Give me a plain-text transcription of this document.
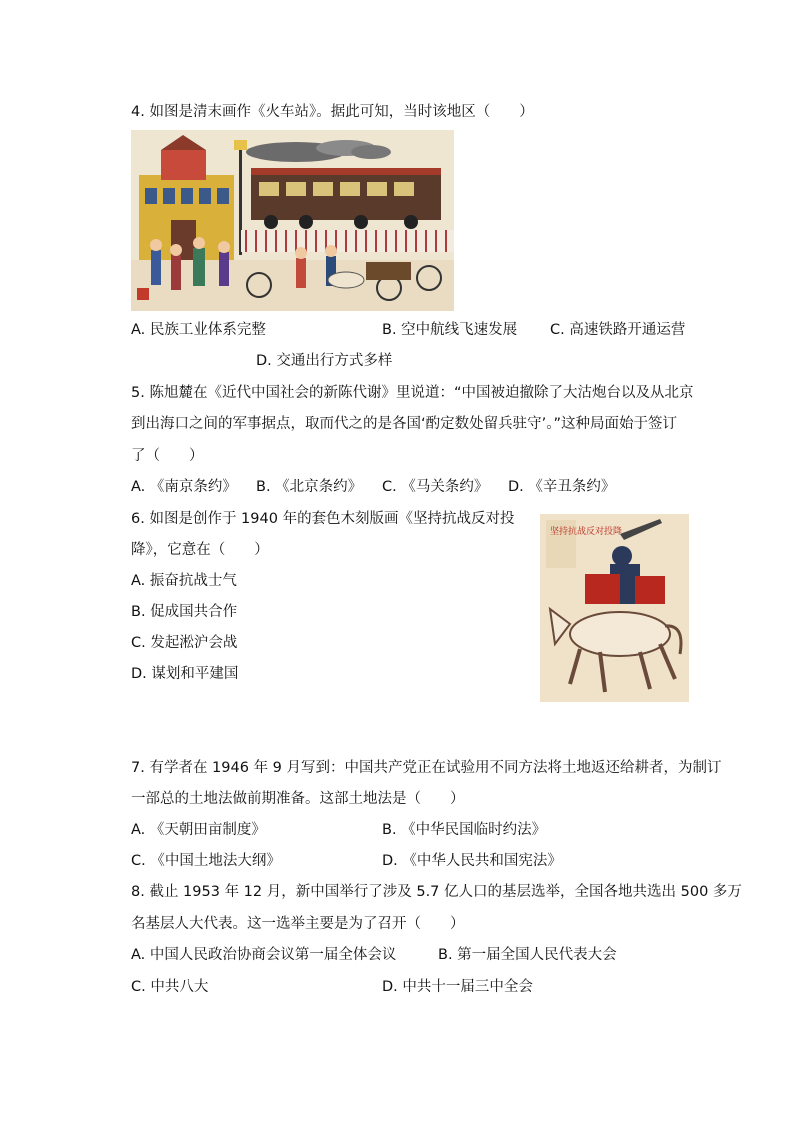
4. 如图是清末画作《火车站》。据此可知，当时该地区（　　）
A. 民族工业体系完整	B. 空中航线飞速发展 C. 高速铁路开通运营
D. 交通出行方式多样
5. 陈旭麓在《近代中国社会的新陈代谢》里说道：“中国被迫撤除了大沽炮台以及从北京
到出海口之间的军事据点，取而代之的是各国‘酌定数处留兵驻守’。”这种局面始于签订
了（　　）
A. 《南京条约》 B. 《北京条约》 C. 《马关条约》 D. 《辛丑条约》
6. 如图是创作于 1940 年的套色木刻版画《坚持抗战反对投
降》，它意在（　　）
A. 振奋抗战士气
B. 促成国共合作
C. 发起淞沪会战
D. 谋划和平建国
坚持抗战反对投降
7. 有学者在 1946 年 9 月写到：中国共产党正在试验用不同方法将土地返还给耕者，为制订
一部总的土地法做前期准备。这部土地法是（　　）
A. 《天朝田亩制度》	B. 《中华民国临时约法》
C. 《中国土地法大纲》	D. 《中华人民共和国宪法》
8. 截止 1953 年 12 月，新中国举行了涉及 5.7 亿人口的基层选举，全国各地共选出 500 多万
名基层人大代表。这一选举主要是为了召开（　　）
A. 中国人民政治协商会议第一届全体会议	B. 第一届全国人民代表大会
C. 中共八大	D. 中共十一届三中全会
